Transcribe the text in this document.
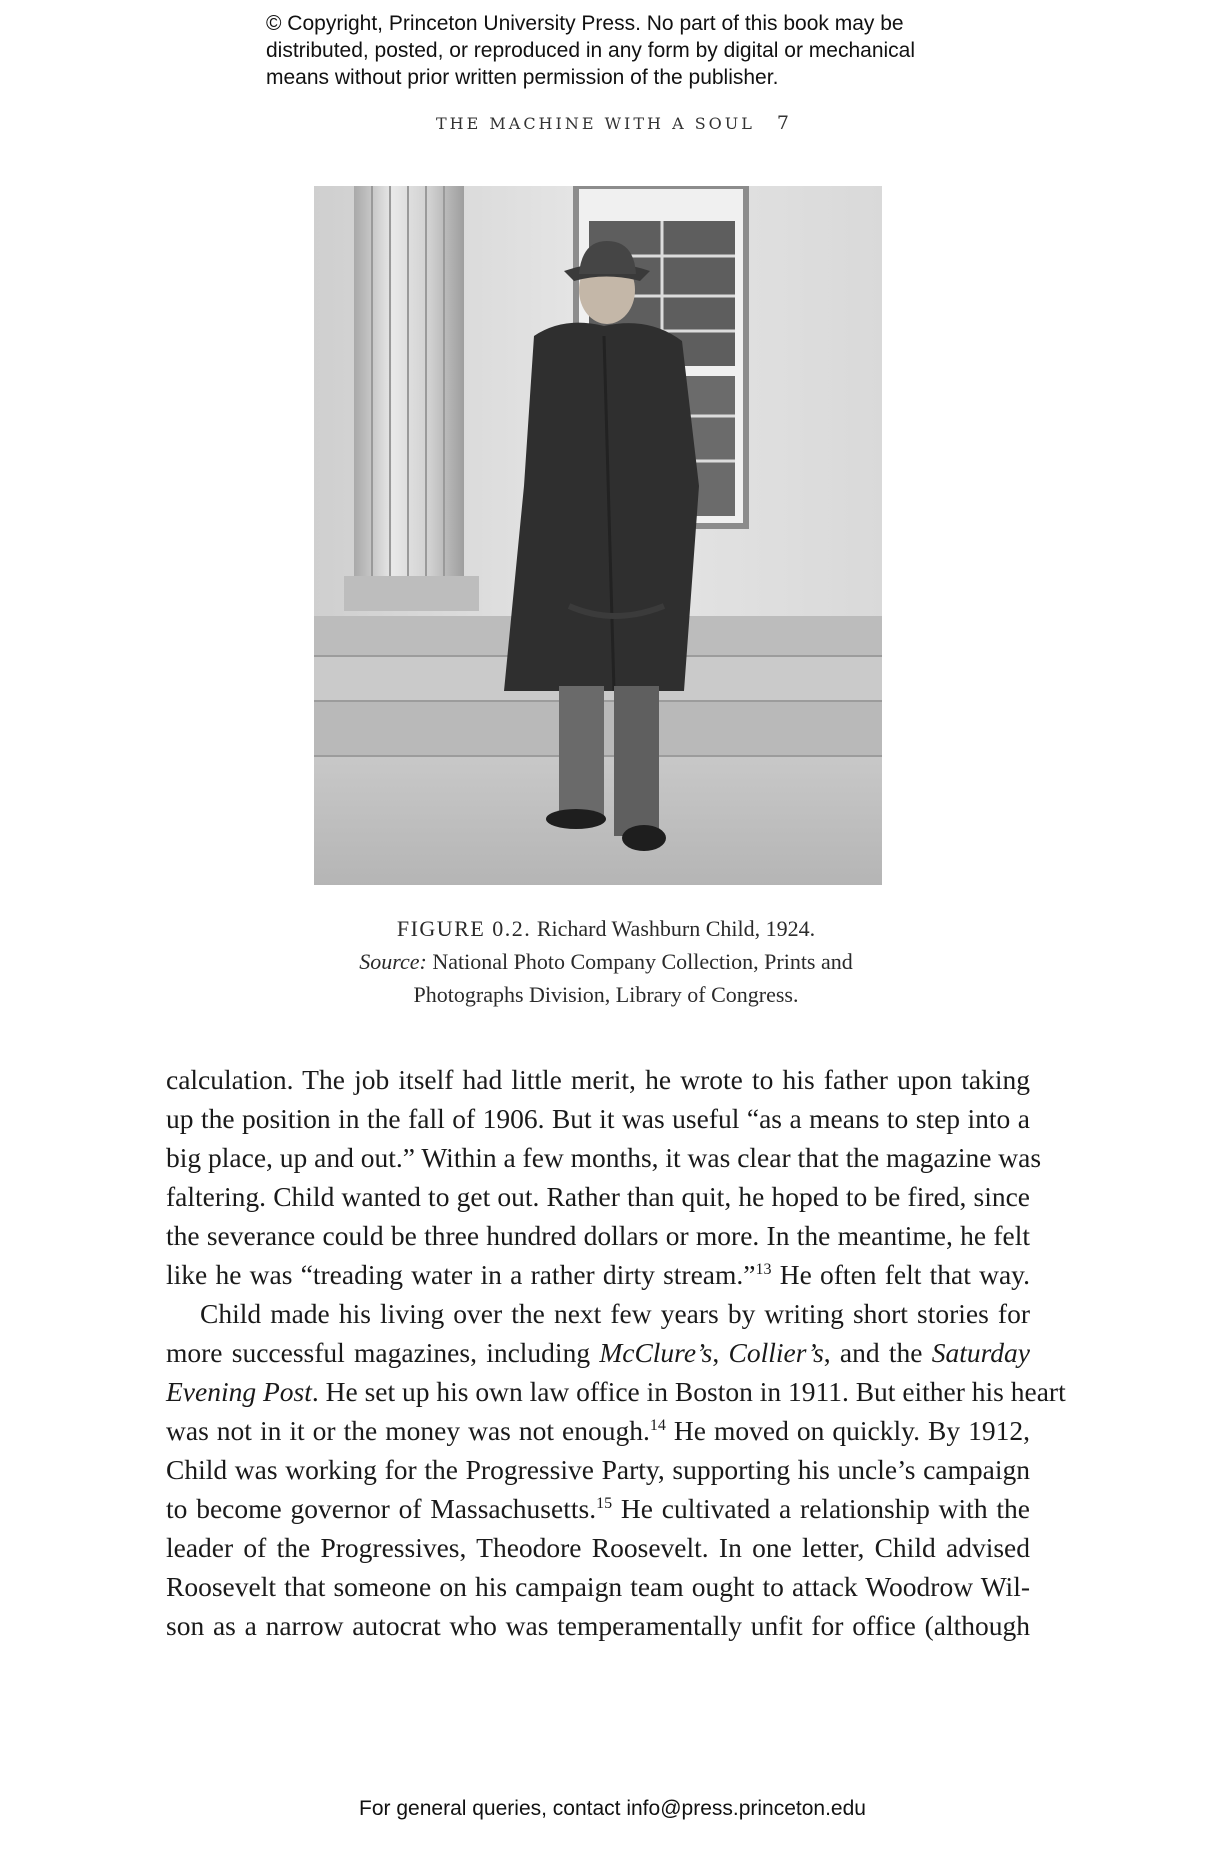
© Copyright, Princeton University Press. No part of this book may be
distributed, posted, or reproduced in any form by digital or mechanical
means without prior written permission of the publisher.
THE MACHINE WITH A SOUL 7
FIGURE 0.2. Richard Washburn Child, 1924.
Source: National Photo Company Collection, Prints and
Photographs Division, Library of Congress.
calculation. The job itself had little merit, he wrote to his father upon taking
up the position in the fall of 1906. But it was useful “as a means to step into a
big place, up and out.” Within a few months, it was clear that the magazine was
faltering. Child wanted to get out. Rather than quit, he hoped to be fired, since
the severance could be three hundred dollars or more. In the meantime, he felt
like he was “treading water in a rather dirty stream.”$^{13}$ He often felt that way.
Child made his living over the next few years by writing short stories for
more successful magazines, including McClure’s, Collier’s, and the Saturday
Evening Post. He set up his own law office in Boston in 1911. But either his heart
was not in it or the money was not enough.$^{14}$ He moved on quickly. By 1912,
Child was working for the Progressive Party, supporting his uncle’s campaign
to become governor of Massachusetts.$^{15}$ He cultivated a relationship with the
leader of the Progressives, Theodore Roosevelt. In one letter, Child advised
Roosevelt that someone on his campaign team ought to attack Woodrow Wil-
son as a narrow autocrat who was temperamentally unfit for office (although
For general queries, contact info@press.princeton.edu
